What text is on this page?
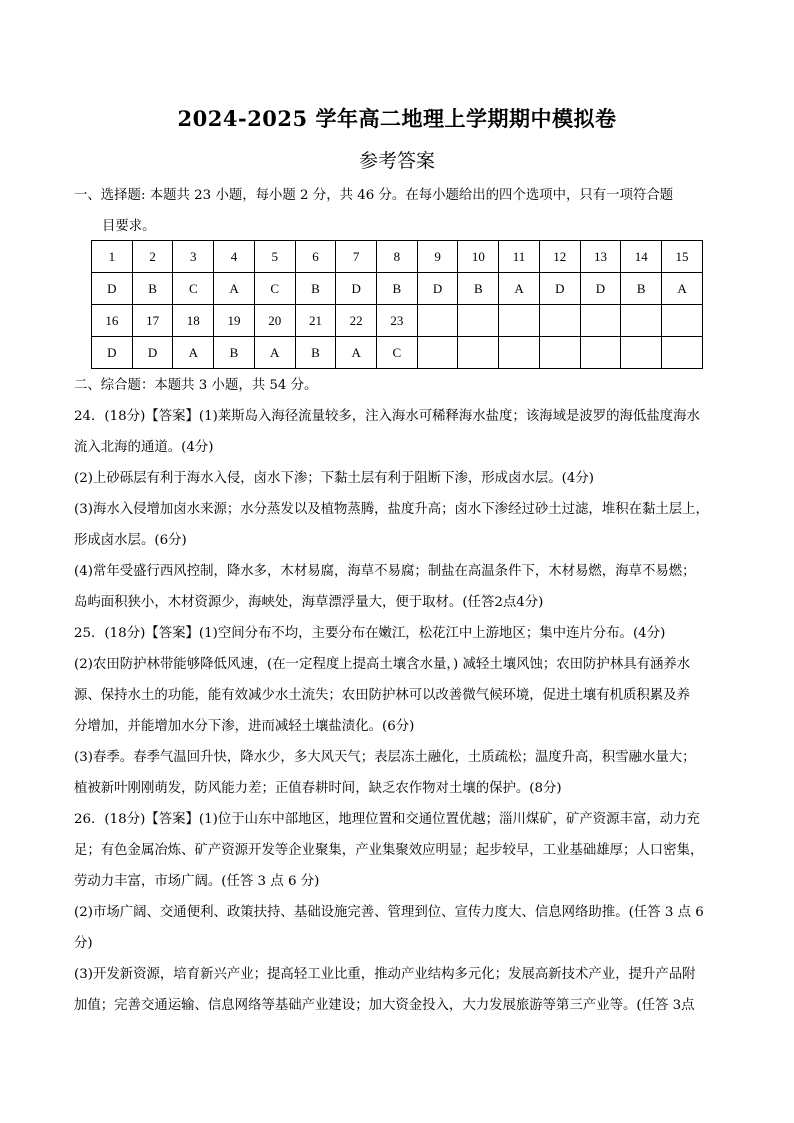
2024-2025 学年高二地理上学期期中模拟卷
参考答案

一、选择题: 本题共 23 小题，每小题 2 分，共 46 分。在每小题给出的四个选项中，只有一项符合题

目要求。

1	2	3	4	5	6	7	8	9	10	11	12	13	14	15
D	B	C	A	C	B	D	B	D	B	A	D	D	B	A
16	17	18	19	20	21	22	23							
D	D	A	B	A	B	A	C							

二、综合题：本题共 3 小题，共 54 分。

24．(18分)【答案】(1)莱斯岛入海径流量较多，注入海水可稀释海水盐度；该海域是波罗的海低盐度海水

流入北海的通道。(4分)

(2)上砂砾层有利于海水入侵，卤水下渗；下黏土层有利于阻断下渗，形成卤水层。(4分)

(3)海水入侵增加卤水来源；水分蒸发以及植物蒸腾，盐度升高；卤水下渗经过砂土过滤，堆积在黏土层上，

形成卤水层。(6分)

(4)常年受盛行西风控制，降水多，木材易腐，海草不易腐；制盐在高温条件下，木材易燃，海草不易燃；

岛屿面积狭小，木材资源少，海峡处，海草漂浮量大，便于取材。(任答2点4分)

25．(18分)【答案】(1)空间分布不均，主要分布在嫩江，松花江中上游地区；集中连片分布。(4分)

(2)农田防护林带能够降低风速，(在一定程度上提高土壤含水量，) 减轻土壤风蚀；农田防护林具有涵养水

源、保持水土的功能，能有效减少水土流失；农田防护林可以改善微气候环境，促进土壤有机质积累及养

分增加，并能增加水分下渗，进而减轻土壤盐渍化。(6分)

(3)春季。春季气温回升快，降水少，多大风天气；表层冻土融化，土质疏松；温度升高，积雪融水量大；

植被新叶刚刚萌发，防风能力差；正值春耕时间，缺乏农作物对土壤的保护。(8分)

26．(18分)【答案】(1)位于山东中部地区，地理位置和交通位置优越；淄川煤矿，矿产资源丰富，动力充

足；有色金属冶炼、矿产资源开发等企业聚集，产业集聚效应明显；起步较早，工业基础雄厚；人口密集，

劳动力丰富，市场广阔。(任答 3 点 6 分)

(2)市场广阔、交通便利、政策扶持、基础设施完善、管理到位、宣传力度大、信息网络助推。(任答 3 点 6

分)

(3)开发新资源，培育新兴产业；提高轻工业比重，推动产业结构多元化；发展高新技术产业，提升产品附

加值；完善交通运输、信息网络等基础产业建设；加大资金投入，大力发展旅游等第三产业等。(任答 3点
